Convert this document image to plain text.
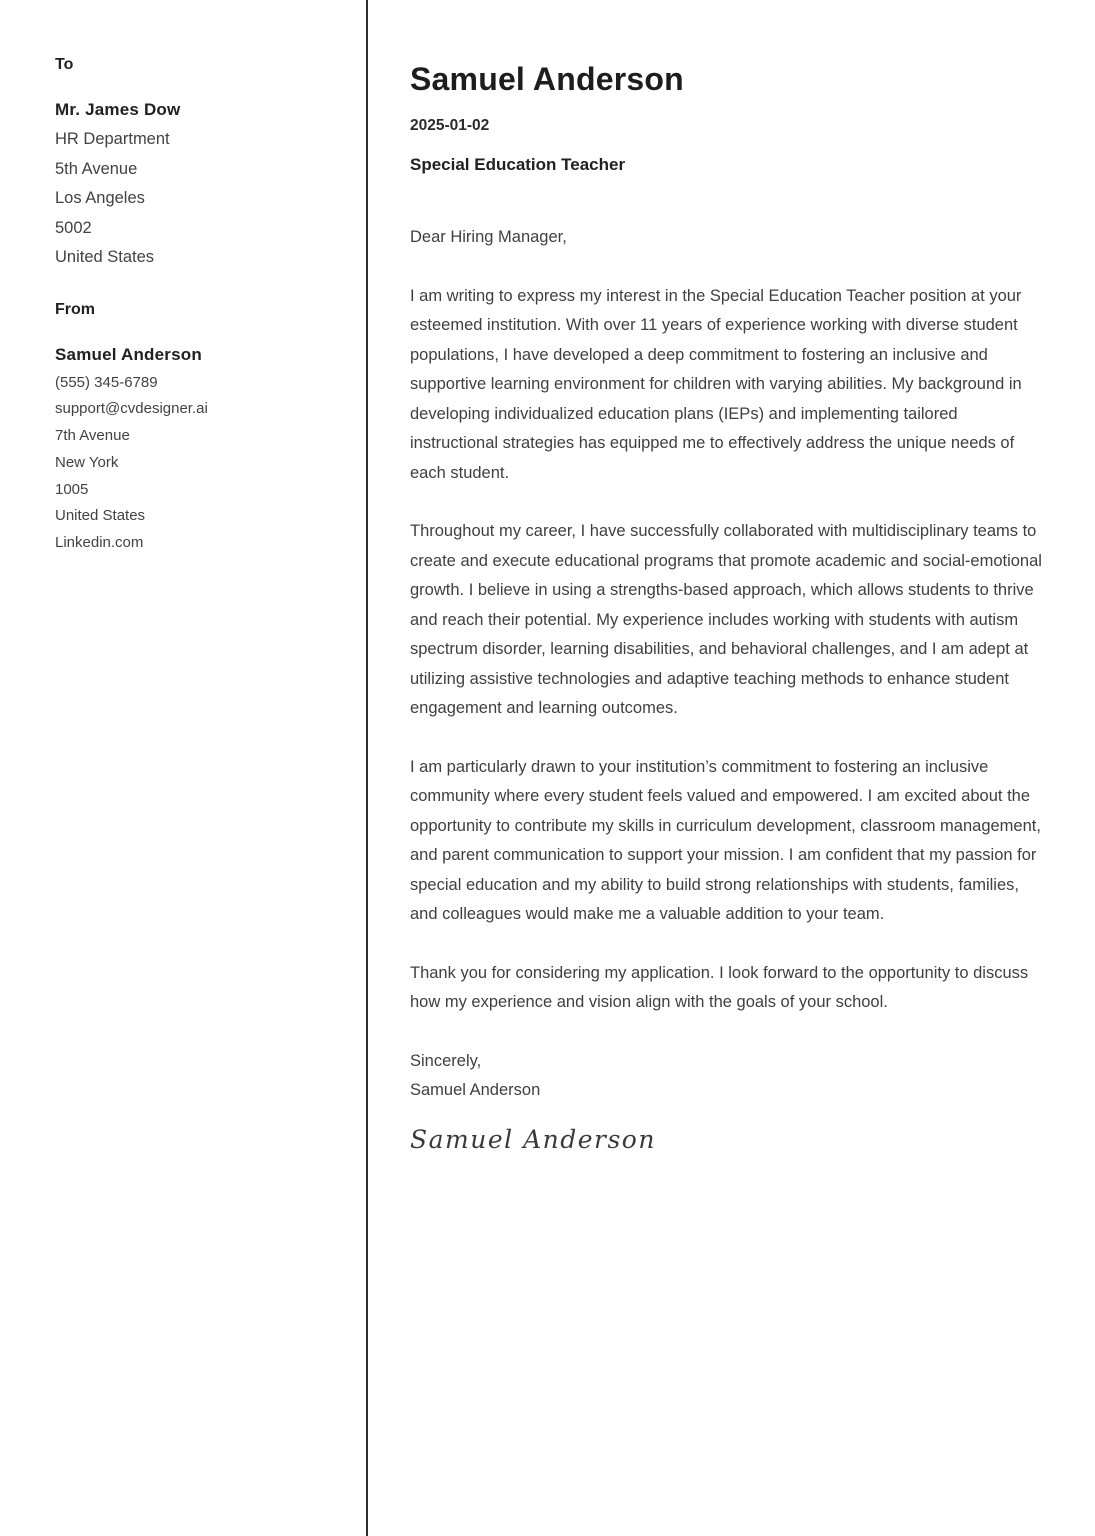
To
Mr. James Dow
HR Department
5th Avenue
Los Angeles
5002
United States
From
Samuel Anderson
(555) 345-6789
support@cvdesigner.ai
7th Avenue
New York
1005
United States
Linkedin.com
Samuel Anderson
2025-01-02
Special Education Teacher
Dear Hiring Manager,
I am writing to express my interest in the Special Education Teacher position at your esteemed institution. With over 11 years of experience working with diverse student populations, I have developed a deep commitment to fostering an inclusive and supportive learning environment for children with varying abilities. My background in developing individualized education plans (IEPs) and implementing tailored instructional strategies has equipped me to effectively address the unique needs of each student.
Throughout my career, I have successfully collaborated with multidisciplinary teams to create and execute educational programs that promote academic and social-emotional growth. I believe in using a strengths-based approach, which allows students to thrive and reach their potential. My experience includes working with students with autism spectrum disorder, learning disabilities, and behavioral challenges, and I am adept at utilizing assistive technologies and adaptive teaching methods to enhance student engagement and learning outcomes.
I am particularly drawn to your institution’s commitment to fostering an inclusive community where every student feels valued and empowered. I am excited about the opportunity to contribute my skills in curriculum development, classroom management, and parent communication to support your mission. I am confident that my passion for special education and my ability to build strong relationships with students, families, and colleagues would make me a valuable addition to your team.
Thank you for considering my application. I look forward to the opportunity to discuss how my experience and vision align with the goals of your school.
Sincerely,
Samuel Anderson
Samuel Anderson
